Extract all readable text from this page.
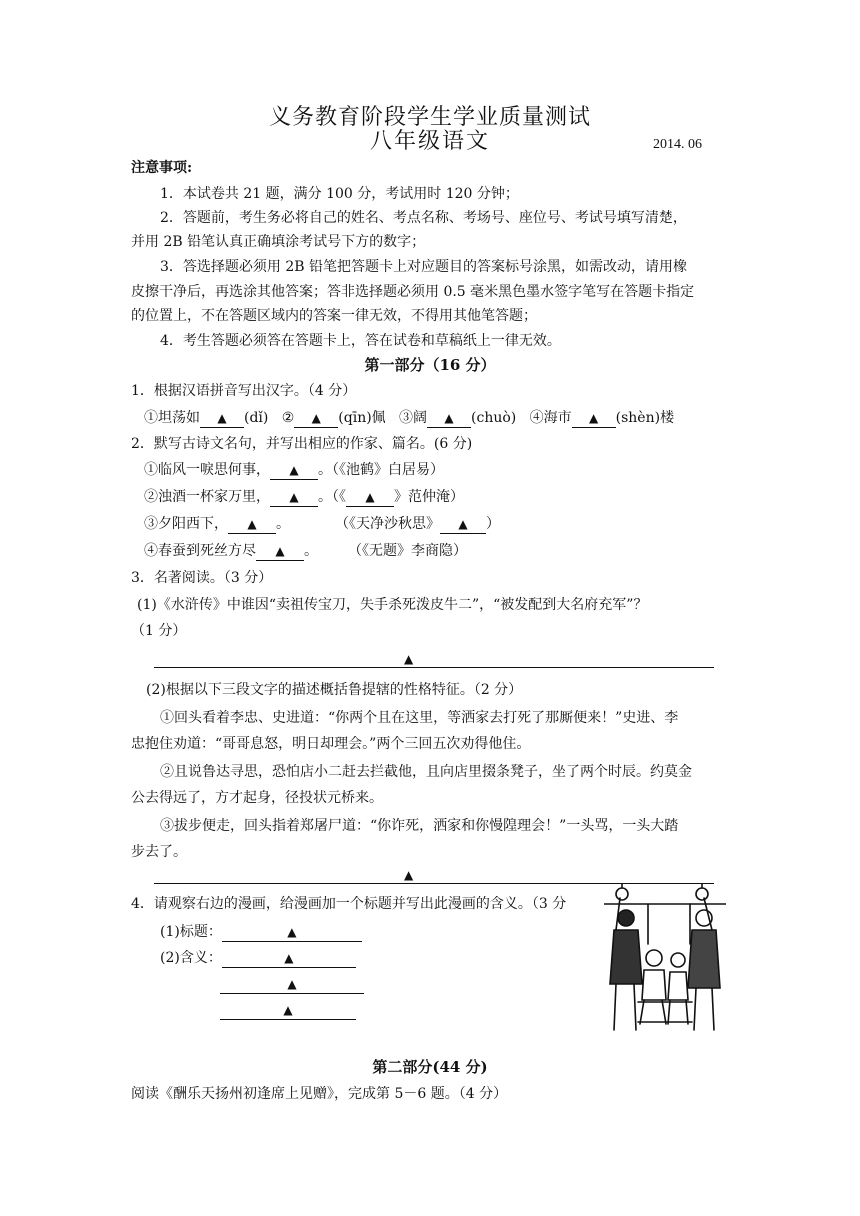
义务教育阶段学生学业质量测试
八年级语文	2014. 06
注意事项:
1．本试卷共 21 题，满分 100 分，考试用时 120 分钟；
2．答题前，考生务必将自己的姓名、考点名称、考场号、座位号、考试号填写清楚，
并用 2B 铅笔认真正确填涂考试号下方的数字；
3．答选择题必须用 2B 铅笔把答题卡上对应题目的答案标号涂黑，如需改动，请用橡
皮擦干净后，再选涂其他答案；答非选择题必须用 0.5 毫米黑色墨水签字笔写在答题卡指定
的位置上，不在答题区域内的答案一律无效，不得用其他笔答题；
4．考生答题必须答在答题卡上，答在试卷和草稿纸上一律无效。
第一部分（16 分）
1．根据汉语拼音写出汉字。（4 分）
①坦荡如 ▲ (dǐ) ② ▲ (qīn)佩 ③阔 ▲ (chuò) ④海市 ▲ (shèn)楼
2．默写古诗文名句，并写出相应的作家、篇名。(6 分)
①临风一唳思何事， ▲ 。（《池鹤》白居易）
②浊酒一杯家万里， ▲ 。（《 ▲ 》范仲淹）
③夕阳西下， ▲ 。	（《天净沙秋思》 ▲ ）
④春蚕到死丝方尽 ▲ 。 （《无题》李商隐）
3．名著阅读。（3 分）
(1)《水浒传》中谁因“卖祖传宝刀，失手杀死泼皮牛二”，“被发配到大名府充军”？
（1 分）
▲
(2)根据以下三段文字的描述概括鲁提辖的性格特征。（2 分）
①回头看着李忠、史进道：“你两个且在这里，等洒家去打死了那厮便来！”史进、李
忠抱住劝道：“哥哥息怒，明日却理会。”两个三回五次劝得他住。
②且说鲁达寻思，恐怕店小二赶去拦截他，且向店里掇条凳子，坐了两个时辰。约莫金
公去得远了，方才起身，径投状元桥来。
③拔步便走，回头指着郑屠尸道：“你诈死，洒家和你慢隍理会！”一头骂，一头大踏
步去了。
▲
4．请观察右边的漫画，给漫画加一个标题并写出此漫画的含义。（3 分
(1)标题：	▲
(2)含义：	▲
▲
▲
第二部分(44 分)
阅读《酬乐天扬州初逢席上见赠》，完成第 5－6 题。（4 分）
